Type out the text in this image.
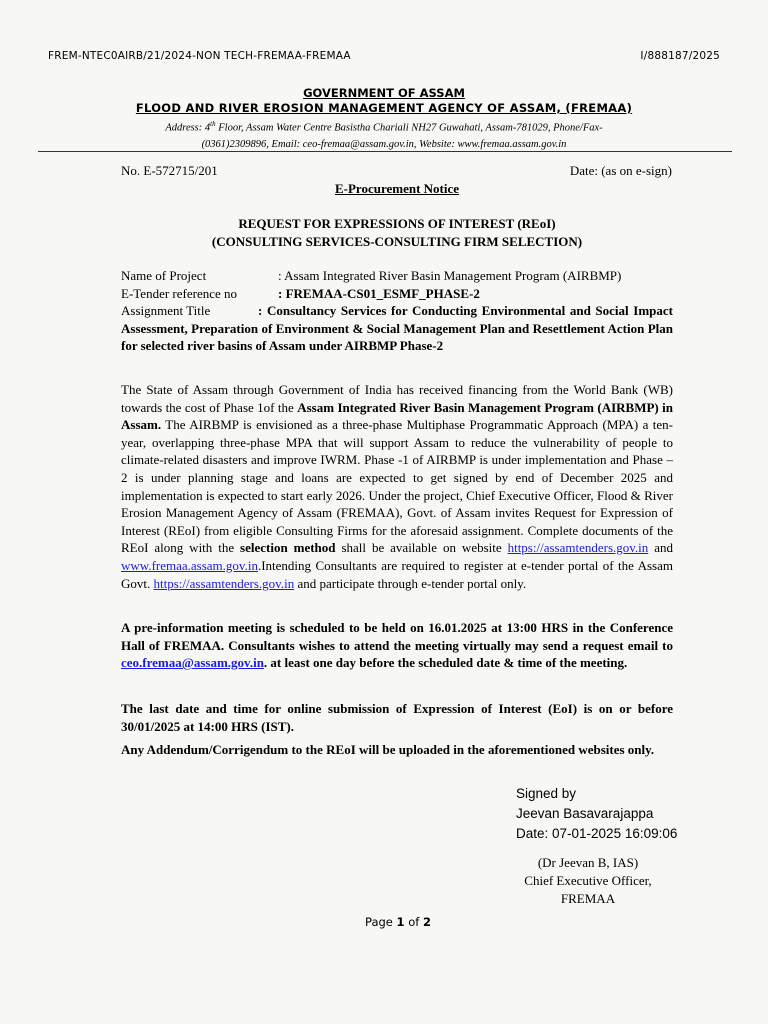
FREM-NTEC0AIRB/21/2024-NON TECH-FREMAA-FREMAA	I/888187/2025
GOVERNMENT OF ASSAM
FLOOD AND RIVER EROSION MANAGEMENT AGENCY OF ASSAM, (FREMAA)
Address: 4th Floor, Assam Water Centre Basistha Chariali NH27 Guwahati, Assam-781029, Phone/Fax-
(0361)2309896, Email: ceo-fremaa@assam.gov.in, Website: www.fremaa.assam.gov.in
No. E-572715/201	Date: (as on e-sign)
E-Procurement Notice
REQUEST FOR EXPRESSIONS OF INTEREST (REoI)
(CONSULTING SERVICES-CONSULTING FIRM SELECTION)
Name of Project	: Assam Integrated River Basin Management Program (AIRBMP)
E-Tender reference no	: FREMAA-CS01_ESMF_PHASE-2
Assignment Title	: Consultancy Services for Conducting Environmental and Social Impact Assessment, Preparation of Environment & Social Management Plan and Resettlement Action Plan for selected river basins of Assam under AIRBMP Phase-2
The State of Assam through Government of India has received financing from the World Bank (WB) towards the cost of Phase 1of the Assam Integrated River Basin Management Program (AIRBMP) in Assam. The AIRBMP is envisioned as a three-phase Multiphase Programmatic Approach (MPA) a ten-year, overlapping three-phase MPA that will support Assam to reduce the vulnerability of people to climate-related disasters and improve IWRM. Phase -1 of AIRBMP is under implementation and Phase –2 is under planning stage and loans are expected to get signed by end of December 2025 and implementation is expected to start early 2026. Under the project, Chief Executive Officer, Flood & River Erosion Management Agency of Assam (FREMAA), Govt. of Assam invites Request for Expression of Interest (REoI) from eligible Consulting Firms for the aforesaid assignment. Complete documents of the REoI along with the selection method shall be available on website https://assamtenders.gov.in and www.fremaa.assam.gov.in.Intending Consultants are required to register at e-tender portal of the Assam Govt. https://assamtenders.gov.in and participate through e-tender portal only.
A pre-information meeting is scheduled to be held on 16.01.2025 at 13:00 HRS in the Conference Hall of FREMAA. Consultants wishes to attend the meeting virtually may send a request email to ceo.fremaa@assam.gov.in. at least one day before the scheduled date & time of the meeting.
The last date and time for online submission of Expression of Interest (EoI) is on or before 30/01/2025 at 14:00 HRS (IST).
Any Addendum/Corrigendum to the REoI will be uploaded in the aforementioned websites only.
Signed by
Jeevan Basavarajappa
Date: 07-01-2025 16:09:06
(Dr Jeevan B, IAS)
Chief Executive Officer,
FREMAA
Page 1 of 2
